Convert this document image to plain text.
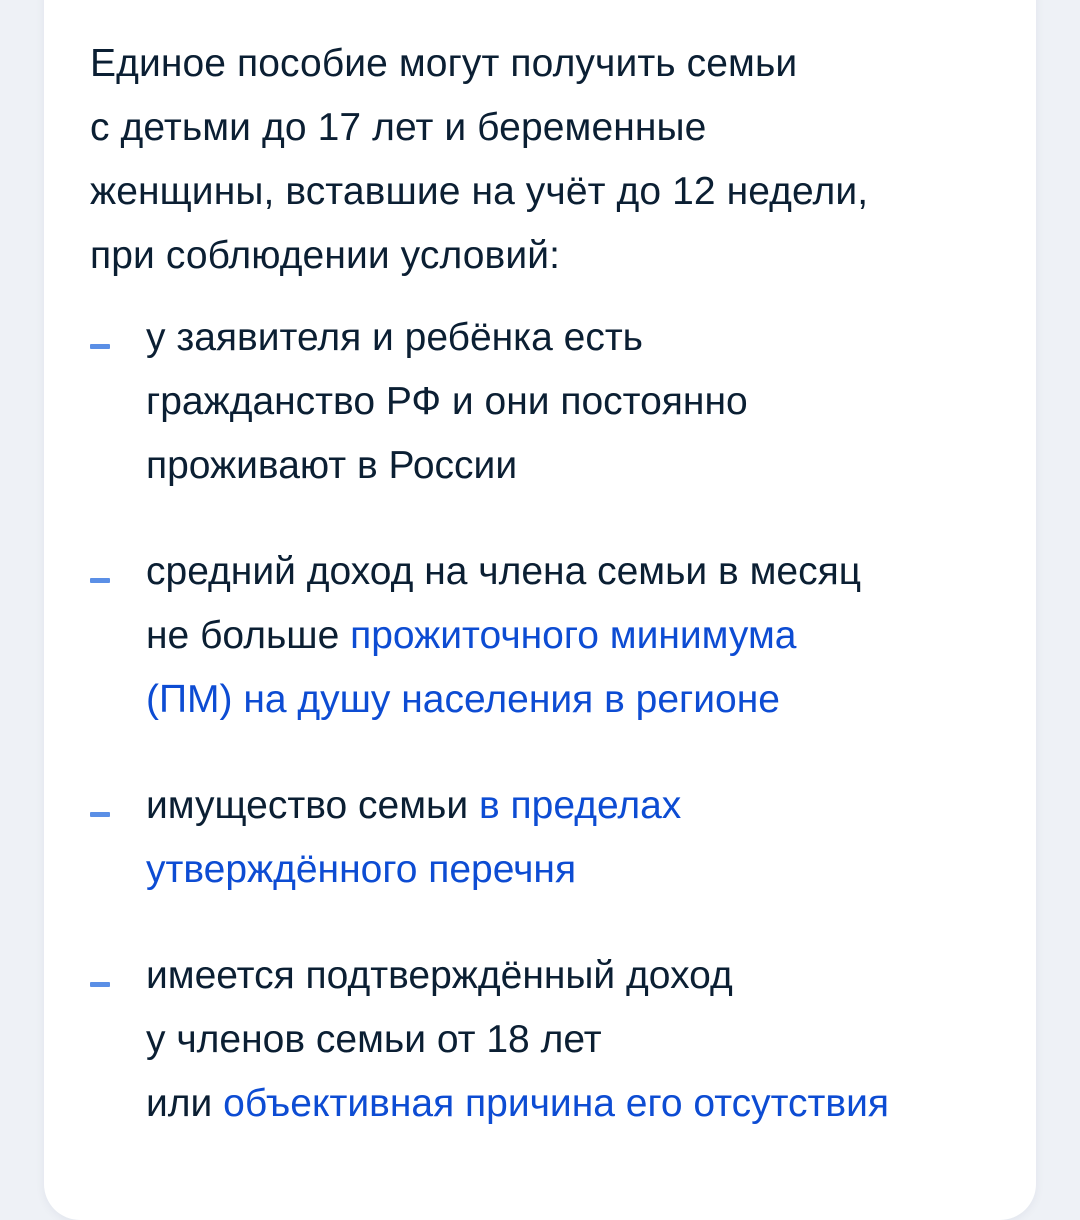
Единое пособие могут получить семьи
с детьми до 17 лет и беременные
женщины, вставшие на учёт до 12 недели,
при соблюдении условий:

у заявителя и ребёнка есть
гражданство РФ и они постоянно
проживают в России
средний доход на члена семьи в месяц
не больше прожиточного минимума
(ПМ) на душу населения в регионе
имущество семьи в пределах
утверждённого перечня
имеется подтверждённый доход
у членов семьи от 18 лет
или объективная причина его отсутствия
